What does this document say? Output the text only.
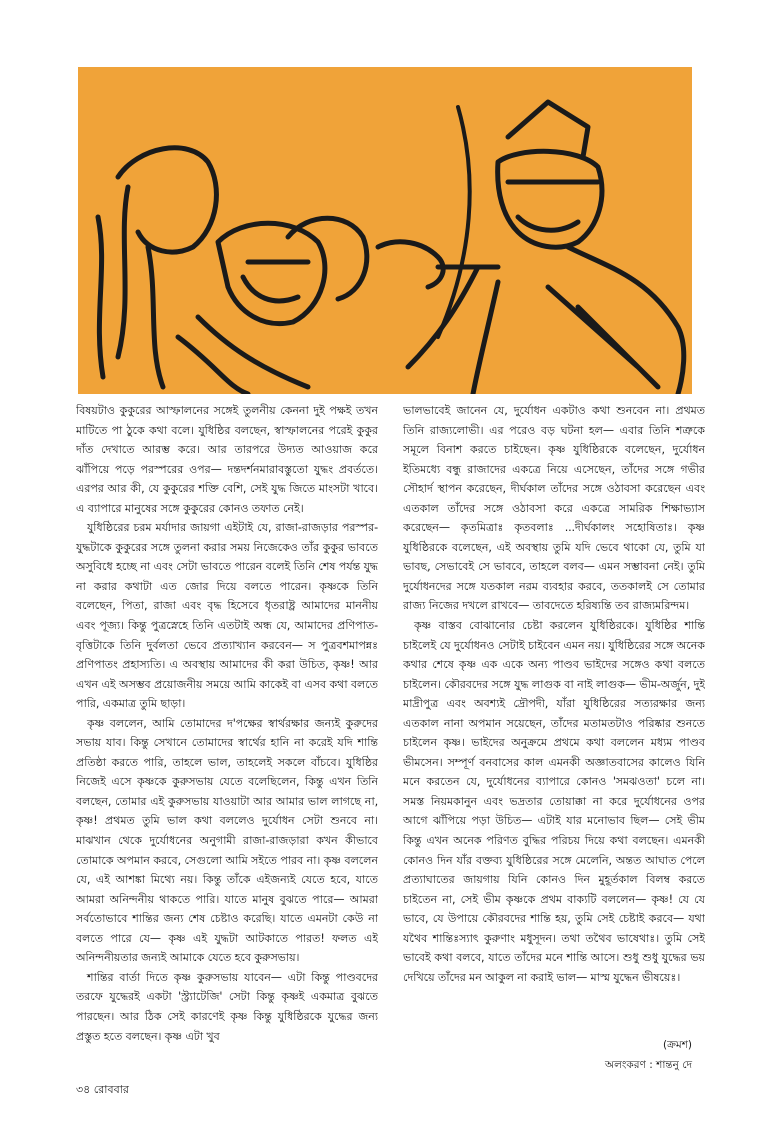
বিষয়টাও কুকুরের আস্ফালনের সঙ্গেই তুলনীয় কেননা দুই পক্ষই তখন মাটিতে পা ঠুকে কথা বলে। যুধিষ্ঠির বলছেন, স্বাস্ফালনের পরেই কুকুর দাঁত দেখাতে আরম্ভ করে। আর তারপরে উদ্যত আওয়াজ করে ঝাঁপিয়ে পড়ে পরস্পরের ওপর— দন্তদর্শনমারাবস্তুতো যুদ্ধং প্রবর্ততে। এরপর আর কী, যে কুকুরের শক্তি বেশি, সেই যুদ্ধ জিতে মাংসটা খাবে। এ ব্যাপারে মানুষের সঙ্গে কুকুরের কোনও তফাত নেই।

যুধিষ্ঠিরের চরম মর্যাদার জায়গা এইটাই যে, রাজা-রাজড়ার পরস্পর-যুদ্ধটাকে কুকুরের সঙ্গে তুলনা করার সময় নিজেকেও তাঁর কুকুর ভাবতে অসুবিধে হচ্ছে না এবং সেটা ভাবতে পারেন বলেই তিনি শেষ পর্যন্ত যুদ্ধ না করার কথাটা এত জোর দিয়ে বলতে পারেন। কৃষ্ণকে তিনি বলেছেন, পিতা, রাজা এবং বৃদ্ধ হিসেবে ধৃতরাষ্ট্র আমাদের মাননীয় এবং পূজ্য। কিন্তু পুত্রস্নেহে তিনি এতটাই অন্ধ যে, আমাদের প্রণিপাত-বৃত্তিটাকে তিনি দুর্বলতা ভেবে প্রত্যাখ্যান করবেন— স পুত্রবশমাপন্নঃ প্রণিপাতং প্রহাস্যতি। এ অবস্থায় আমাদের কী করা উচিত, কৃষ্ণ! আর এখন এই অসম্ভব প্রয়োজনীয় সময়ে আমি কাকেই বা এসব কথা বলতে পারি, একমাত্র তুমি ছাড়া।

কৃষ্ণ বললেন, আমি তোমাদের দ'পক্ষের স্বার্থরক্ষার জন্যই কুরুদের সভায় যাব। কিন্তু সেখানে তোমাদের স্বার্থের হানি না করেই যদি শান্তি প্রতিষ্ঠা করতে পারি, তাহলে ভাল, তাহলেই সকলে বাঁচবে। যুধিষ্ঠির নিজেই এসে কৃষ্ণকে কুরুসভায় যেতে বলেছিলেন, কিন্তু এখন তিনি বলছেন, তোমার এই কুরুসভায় যাওয়াটা আর আমার ভাল লাগছে না, কৃষ্ণ! প্রথমত তুমি ভাল কথা বললেও দুর্যোধন সেটা শুনবে না। মাঝখান থেকে দুর্যোধনের অনুগামী রাজা-রাজড়ারা কখন কীভাবে তোমাকে অপমান করবে, সেগুলো আমি সইতে পারব না। কৃষ্ণ বললেন যে, এই আশঙ্কা মিথ্যে নয়। কিন্তু তাঁকে এইজন্যই যেতে হবে, যাতে আমরা অনিন্দনীয় থাকতে পারি। যাতে মানুষ বুঝতে পারে— আমরা সর্বতোভাবে শান্তির জন্য শেষ চেষ্টাও করেছি। যাতে এমনটা কেউ না বলতে পারে যে— কৃষ্ণ এই যুদ্ধটা আটকাতে পারত! ফলত এই অনিন্দনীয়তার জন্যই আমাকে যেতে হবে কুরুসভায়।

শান্তির বার্তা দিতে কৃষ্ণ কুরুসভায় যাবেন— এটা কিন্তু পাণ্ডবদের তরফে যুদ্ধেরই একটা 'স্ট্র্যাটেজি' সেটা কিন্তু কৃষ্ণই একমাত্র বুঝতে পারছেন। আর ঠিক সেই কারণেই কৃষ্ণ কিন্তু যুধিষ্ঠিরকে যুদ্ধের জন্য প্রস্তুত হতে বলছেন। কৃষ্ণ এটা খুব

ভালভাবেই জানেন যে, দুর্যোধন একটাও কথা শুনবেন না। প্রথমত তিনি রাজ্যলোভী। এর পরেও বড় ঘটনা হল— এবার তিনি শত্রুকে সমূলে বিনাশ করতে চাইছেন। কৃষ্ণ যুধিষ্ঠিরকে বলেছেন, দুর্যোধন ইতিমধ্যে বন্ধু রাজাদের একত্রে নিয়ে এসেছেন, তাঁদের সঙ্গে গভীর সৌহার্দ স্থাপন করেছেন, দীর্ঘকাল তাঁদের সঙ্গে ওঠাবসা করেছেন এবং এতকাল তাঁদের সঙ্গে ওঠাবসা করে একত্রে সামরিক শিক্ষাভ্যাস করেছেন— কৃতমিত্রাঃ কৃতবলাঃ ...দীর্ঘকালং সহোষিতাঃ। কৃষ্ণ যুধিষ্ঠিরকে বলেছেন, এই অবস্থায় তুমি যদি ভেবে থাকো যে, তুমি যা ভাবছ, সেভাবেই সে ভাববে, তাহলে বলব— এমন সম্ভাবনা নেই। তুমি দুর্যোধনদের সঙ্গে যতকাল নরম ব্যবহার করবে, ততকালই সে তোমার রাজ্য নিজের দখলে রাখবে— তাবদেতে হরিষ্যন্তি তব রাজ্যমরিন্দম।

কৃষ্ণ বাস্তব বোঝানোর চেষ্টা করলেন যুধিষ্ঠিরকে। যুধিষ্ঠির শান্তি চাইলেই যে দুর্যোধনও সেটাই চাইবেন এমন নয়। যুধিষ্ঠিরের সঙ্গে অনেক কথার শেষে কৃষ্ণ এক একে অন্য পাণ্ডব ভাইদের সঙ্গেও কথা বলতে চাইলেন। কৌরবদের সঙ্গে যুদ্ধ লাগুক বা নাই লাগুক— ভীম-অর্জুন, দুই মাদ্রীপুত্র এবং অবশ্যই দ্রৌপদী, যাঁরা যুধিষ্ঠিরের সত্যরক্ষার জন্য এতকাল নানা অপমান সয়েছেন, তাঁদের মতামতটাও পরিষ্কার শুনতে চাইলেন কৃষ্ণ। ভাইদের অনুক্রমে প্রথমে কথা বললেন মধ্যম পাণ্ডব ভীমসেন। সম্পূর্ণ বনবাসের কাল এমনকী অজ্ঞাতবাসের কালেও যিনি মনে করতেন যে, দুর্যোধনের ব্যাপারে কোনও 'সমঝওতা' চলে না। সমস্ত নিয়মকানুন এবং ভদ্রতার তোয়াক্কা না করে দুর্যোধনের ওপর আগে ঝাঁপিয়ে পড়া উচিত— এটাই যার মনোভাব ছিল— সেই ভীম কিন্তু এখন অনেক পরিণত বুদ্ধির পরিচয় দিয়ে কথা বলছেন। এমনকী কোনও দিন যাঁর বক্তব্য যুধিষ্ঠিরের সঙ্গে মেলেনি, অন্তত আঘাত পেলে প্রত্যাঘাতের জায়গায় যিনি কোনও দিন মুহূর্তকাল বিলম্ব করতে চাইতেন না, সেই ভীম কৃষ্ণকে প্রথম বাক্যটি বললেন— কৃষ্ণ! যে যে ভাবে, যে উপায়ে কৌরবদের শান্তি হয়, তুমি সেই চেষ্টাই করবে— যথা যথৈব শান্তিঃস্যাৎ কুরুণাং মধুসূদন। তথা তথৈব ভাষেথাঃ। তুমি সেই ভাবেই কথা বলবে, যাতে তাঁদের মনে শান্তি আসে। শুধু শুধু যুদ্ধের ভয় দেখিয়ে তাঁদের মন আকুল না করাই ভাল— মাস্ম যুদ্ধেন ভীষয়েঃ।

(ক্রমশ)
অলংকরণ : শান্তনু দে
৩৪ রোববার
